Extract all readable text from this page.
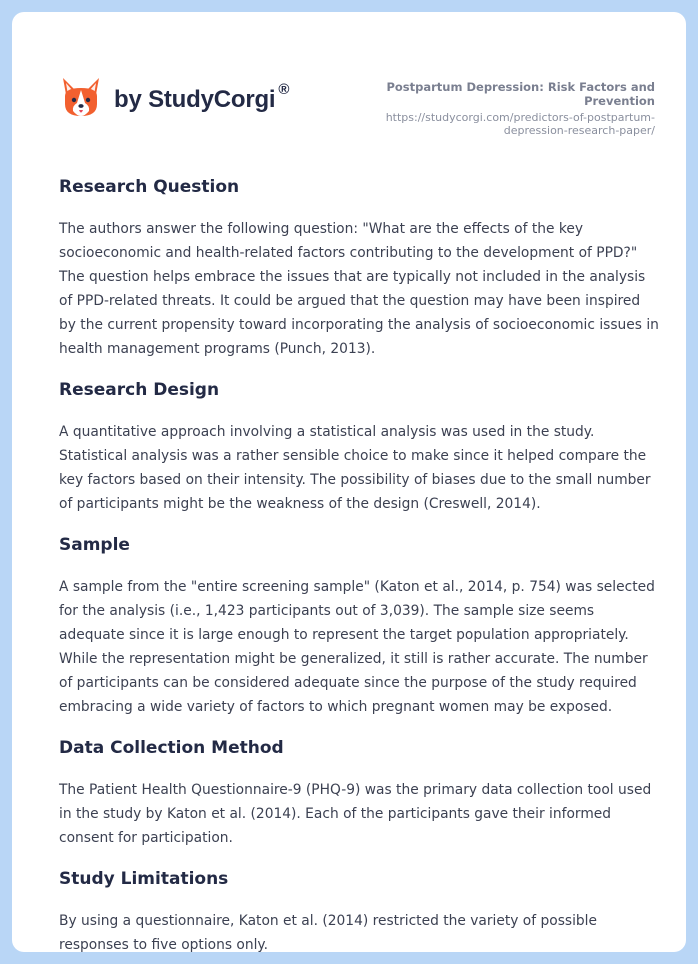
by StudyCorgi ®	Postpartum Depression: Risk Factors and Prevention
https://studycorgi.com/predictors-of-postpartum-
depression-research-paper/
Research Question

The authors answer the following question: "What are the effects of the key socioeconomic and health-related factors contributing to the development of PPD?" The question helps embrace the issues that are typically not included in the analysis of PPD-related threats. It could be argued that the question may have been inspired by the current propensity toward incorporating the analysis of socioeconomic issues in health management programs (Punch, 2013).

Research Design

A quantitative approach involving a statistical analysis was used in the study. Statistical analysis was a rather sensible choice to make since it helped compare the key factors based on their intensity. The possibility of biases due to the small number of participants might be the weakness of the design (Creswell, 2014).

Sample

A sample from the "entire screening sample" (Katon et al., 2014, p. 754) was selected for the analysis (i.e., 1,423 participants out of 3,039). The sample size seems adequate since it is large enough to represent the target population appropriately. While the representation might be generalized, it still is rather accurate. The number of participants can be considered adequate since the purpose of the study required embracing a wide variety of factors to which pregnant women may be exposed.

Data Collection Method

The Patient Health Questionnaire-9 (PHQ-9) was the primary data collection tool used in the study by Katon et al. (2014). Each of the participants gave their informed consent for participation.

Study Limitations

By using a questionnaire, Katon et al. (2014) restricted the variety of possible responses to five options only.
